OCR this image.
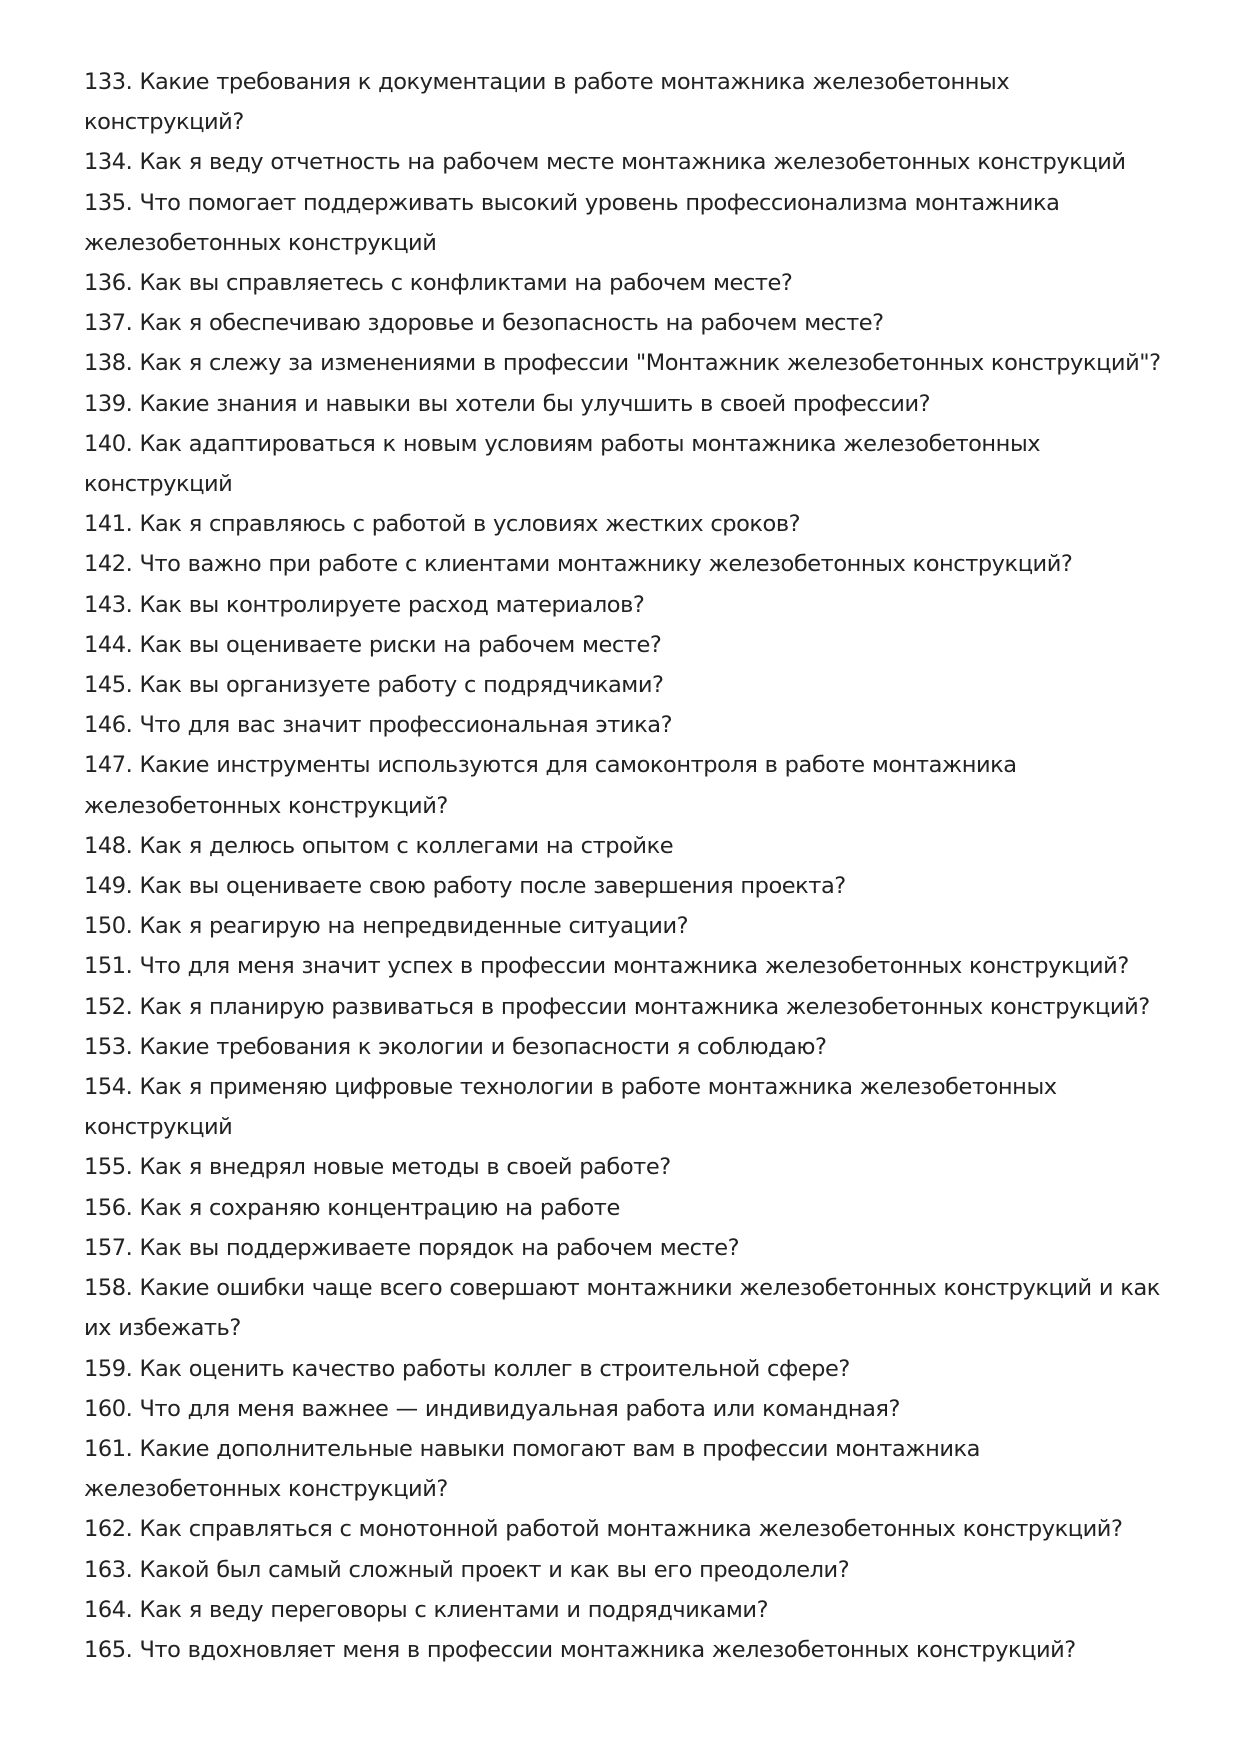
133. Какие требования к документации в работе монтажника железобетонных
конструкций?
134. Как я веду отчетность на рабочем месте монтажника железобетонных конструкций
135. Что помогает поддерживать высокий уровень профессионализма монтажника
железобетонных конструкций
136. Как вы справляетесь с конфликтами на рабочем месте?
137. Как я обеспечиваю здоровье и безопасность на рабочем месте?
138. Как я слежу за изменениями в профессии "Монтажник железобетонных конструкций"?
139. Какие знания и навыки вы хотели бы улучшить в своей профессии?
140. Как адаптироваться к новым условиям работы монтажника железобетонных
конструкций
141. Как я справляюсь с работой в условиях жестких сроков?
142. Что важно при работе с клиентами монтажнику железобетонных конструкций?
143. Как вы контролируете расход материалов?
144. Как вы оцениваете риски на рабочем месте?
145. Как вы организуете работу с подрядчиками?
146. Что для вас значит профессиональная этика?
147. Какие инструменты используются для самоконтроля в работе монтажника
железобетонных конструкций?
148. Как я делюсь опытом с коллегами на стройке
149. Как вы оцениваете свою работу после завершения проекта?
150. Как я реагирую на непредвиденные ситуации?
151. Что для меня значит успех в профессии монтажника железобетонных конструкций?
152. Как я планирую развиваться в профессии монтажника железобетонных конструкций?
153. Какие требования к экологии и безопасности я соблюдаю?
154. Как я применяю цифровые технологии в работе монтажника железобетонных
конструкций
155. Как я внедрял новые методы в своей работе?
156. Как я сохраняю концентрацию на работе
157. Как вы поддерживаете порядок на рабочем месте?
158. Какие ошибки чаще всего совершают монтажники железобетонных конструкций и как
их избежать?
159. Как оценить качество работы коллег в строительной сфере?
160. Что для меня важнее — индивидуальная работа или командная?
161. Какие дополнительные навыки помогают вам в профессии монтажника
железобетонных конструкций?
162. Как справляться с монотонной работой монтажника железобетонных конструкций?
163. Какой был самый сложный проект и как вы его преодолели?
164. Как я веду переговоры с клиентами и подрядчиками?
165. Что вдохновляет меня в профессии монтажника железобетонных конструкций?
